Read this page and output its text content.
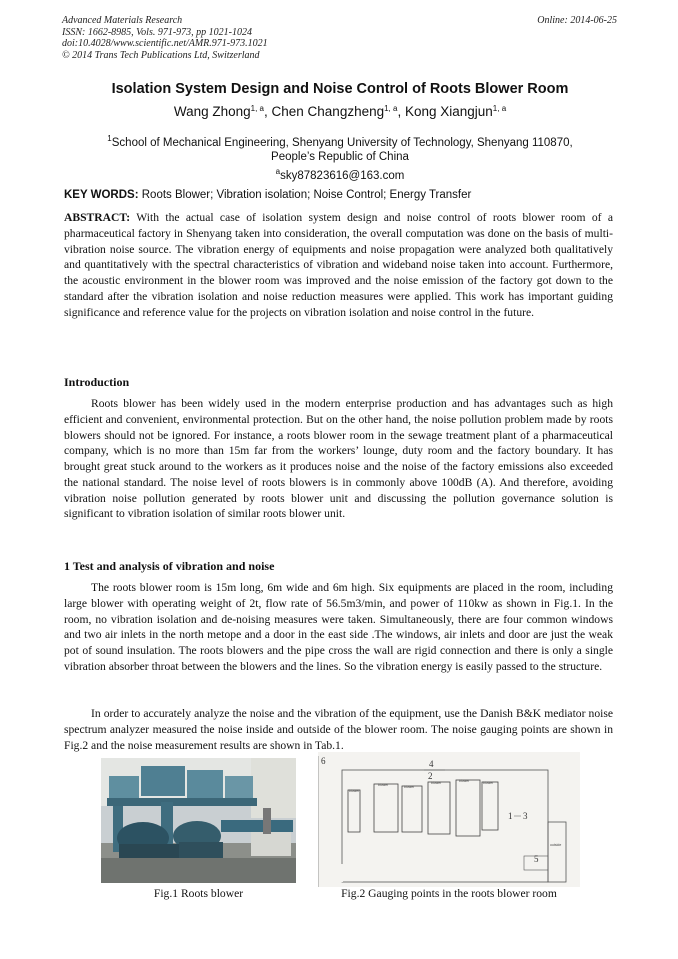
Advanced Materials Research
ISSN: 1662-8985, Vols. 971-973, pp 1021-1024
doi:10.4028/www.scientific.net/AMR.971-973.1021
© 2014 Trans Tech Publications Ltd, Switzerland
Online: 2014-06-25
Isolation System Design and Noise Control of Roots Blower Room
Wang Zhong$^{1, a}$, Chen Changzheng$^{1, a}$, Kong Xiangjun$^{1, a}$
$^1$School of Mechanical Engineering, Shenyang University of Technology, Shenyang 110870,
People’s Republic of China
$^a$sky87823616@163.com
KEY WORDS: Roots Blower; Vibration isolation; Noise Control; Energy Transfer
ABSTRACT: With the actual case of isolation system design and noise control of roots blower room of a pharmaceutical factory in Shenyang taken into consideration, the overall computation was done on the basis of multi-vibration noise source. The vibration energy of equipments and noise propagation were analyzed both qualitatively and quantitatively with the spectral characteristics of vibration and wideband noise taken into account. Furthermore, the acoustic environment in the blower room was improved and the noise emission of the factory got down to the standard after the vibration isolation and noise reduction measures were applied. This work has important guiding significance and reference value for the projects on vibration isolation and noise control in the future.
Introduction
Roots blower has been widely used in the modern enterprise production and has advantages such as high efficient and convenient, environmental protection. But on the other hand, the noise pollution problem made by roots blowers should not be ignored. For instance, a roots blower room in the sewage treatment plant of a pharmaceutical company, which is no more than 15m far from the workers’ lounge, duty room and the factory boundary. It has brought great stuck around to the workers as it produces noise and the noise of the factory emissions also exceeded the national standard. The noise level of roots blowers is in commonly above 100dB (A). And therefore, avoiding vibration noise pollution generated by roots blower unit and discussing the pollution governance solution is significant to vibration isolation of similar roots blower unit.
1 Test and analysis of vibration and noise
The roots blower room is 15m long, 6m wide and 6m high. Six equipments are placed in the room, including large blower with operating weight of 2t, flow rate of 56.5m3/min, and power of 110kw as shown in Fig.1. In the room, no vibration isolation and de-noising measures were taken. Simultaneously, there are four common windows and two air inlets in the north metope and a door in the east side .The windows, air inlets and door are just the weak pot of sound insulation. The roots blowers and the pipe cross the wall are rigid connection and there is only a single vibration absorber throat between the blowers and the lines. So the vibration energy is easily passed to the structure.
In order to accurately analyze the noise and the vibration of the equipment, use the Danish B&K mediator noise spectrum analyzer measured the noise inside and outside of the blower room. The noise gauging points are shown in Fig.2 and the noise measurement results are shown in Tab.1.
blower
blower	blower
blower	blower	blower
outside
6	4
2
1 3
5
Fig.1 Roots blower	Fig.2 Gauging points in the roots blower room
